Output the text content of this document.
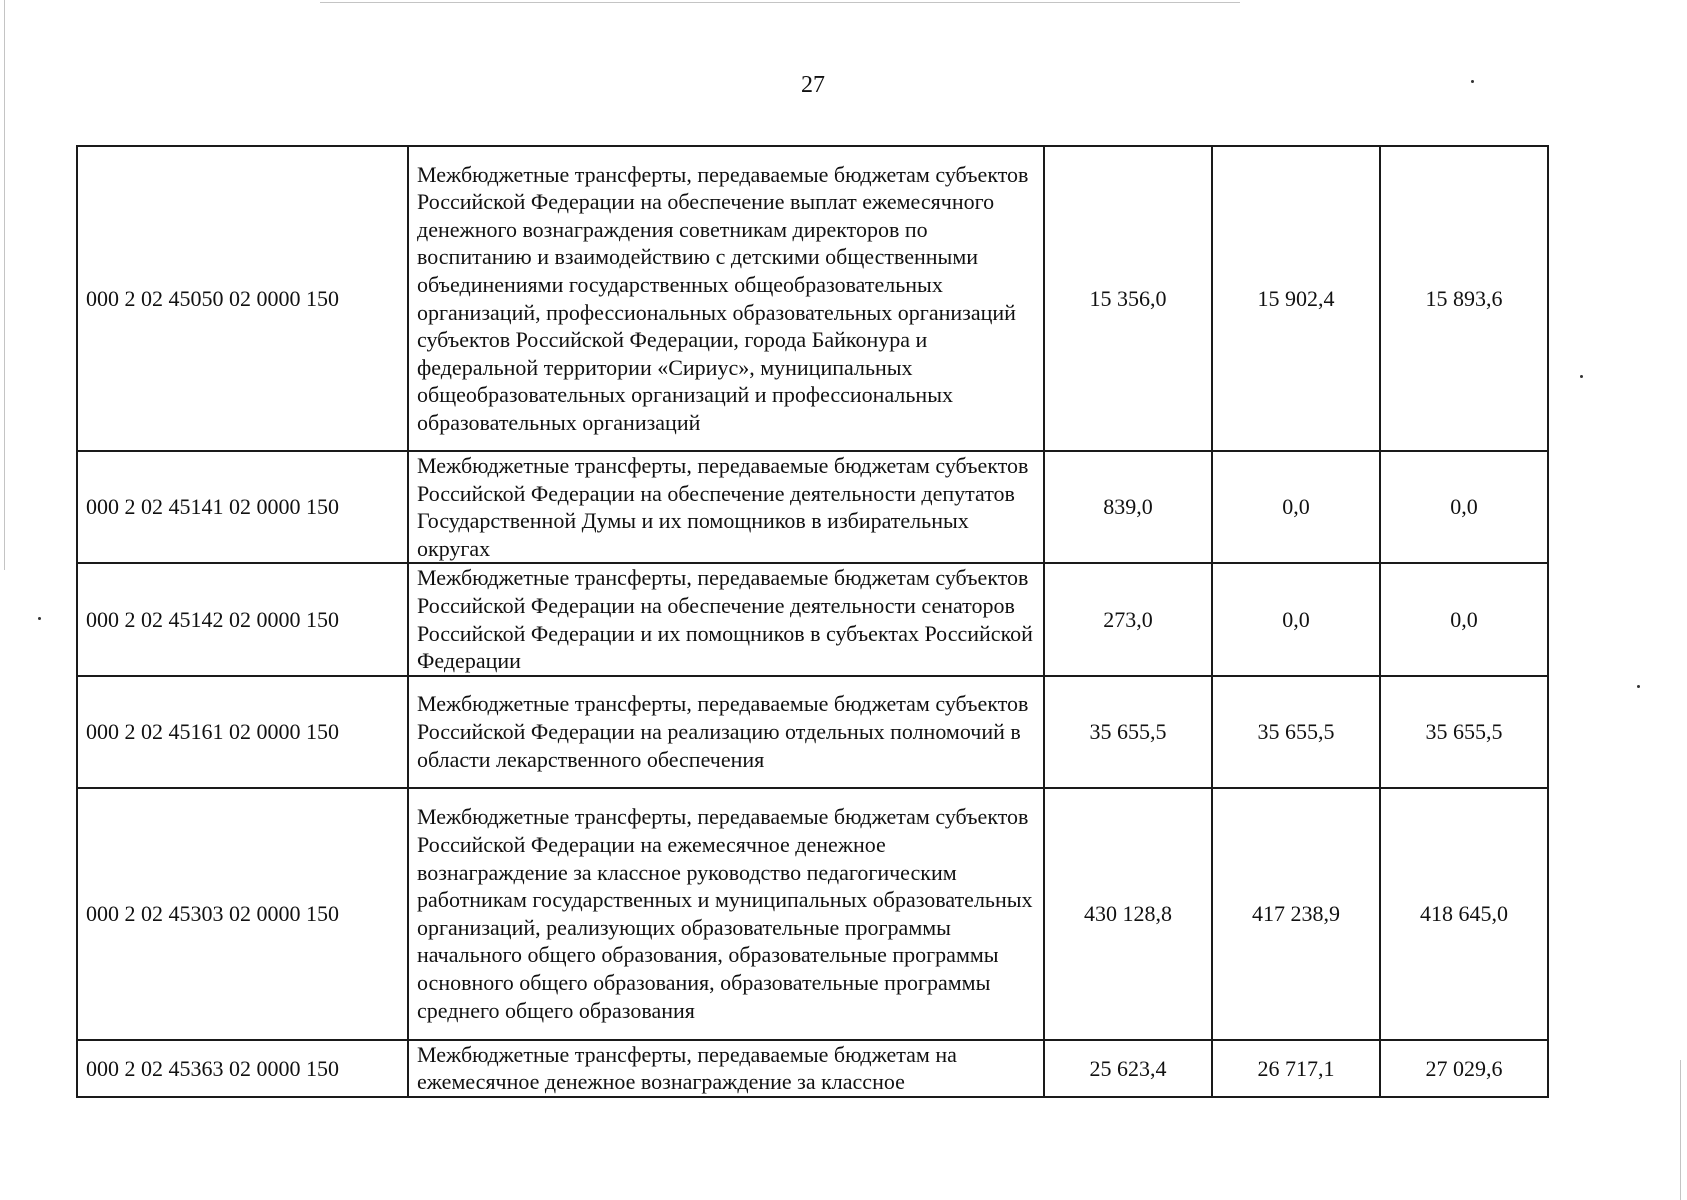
27
000 2 02 45050 02 0000 150	Межбюджетные трансферты, передаваемые бюджетам субъектов Российской Федерации на обеспечение выплат ежемесячного денежного вознаграждения советникам директоров по воспитанию и взаимодействию с детскими общественными объединениями государственных общеобразовательных организаций, профессиональных образовательных организаций субъектов Российской Федерации, города Байконура и федеральной территории «Сириус», муниципальных общеобразовательных организаций и профессиональных образовательных организаций	15 356,0	15 902,4	15 893,6
000 2 02 45141 02 0000 150	Межбюджетные трансферты, передаваемые бюджетам субъектов Российской Федерации на обеспечение деятельности депутатов Государственной Думы и их помощников в избирательных округах	839,0	0,0	0,0
000 2 02 45142 02 0000 150	Межбюджетные трансферты, передаваемые бюджетам субъектов Российской Федерации на обеспечение деятельности сенаторов Российской Федерации и их помощников в субъектах Российской Федерации	273,0	0,0	0,0
000 2 02 45161 02 0000 150	Межбюджетные трансферты, передаваемые бюджетам субъектов Российской Федерации на реализацию отдельных полномочий в области лекарственного обеспечения	35 655,5	35 655,5	35 655,5
000 2 02 45303 02 0000 150	Межбюджетные трансферты, передаваемые бюджетам субъектов Российской Федерации на ежемесячное денежное вознаграждение за классное руководство педагогическим работникам государственных и муниципальных образовательных организаций, реализующих образовательные программы начального общего образования, образовательные программы основного общего образования, образовательные программы среднего общего образования	430 128,8	417 238,9	418 645,0
000 2 02 45363 02 0000 150	Межбюджетные трансферты, передаваемые бюджетам на ежемесячное денежное вознаграждение за классное	25 623,4	26 717,1	27 029,6
